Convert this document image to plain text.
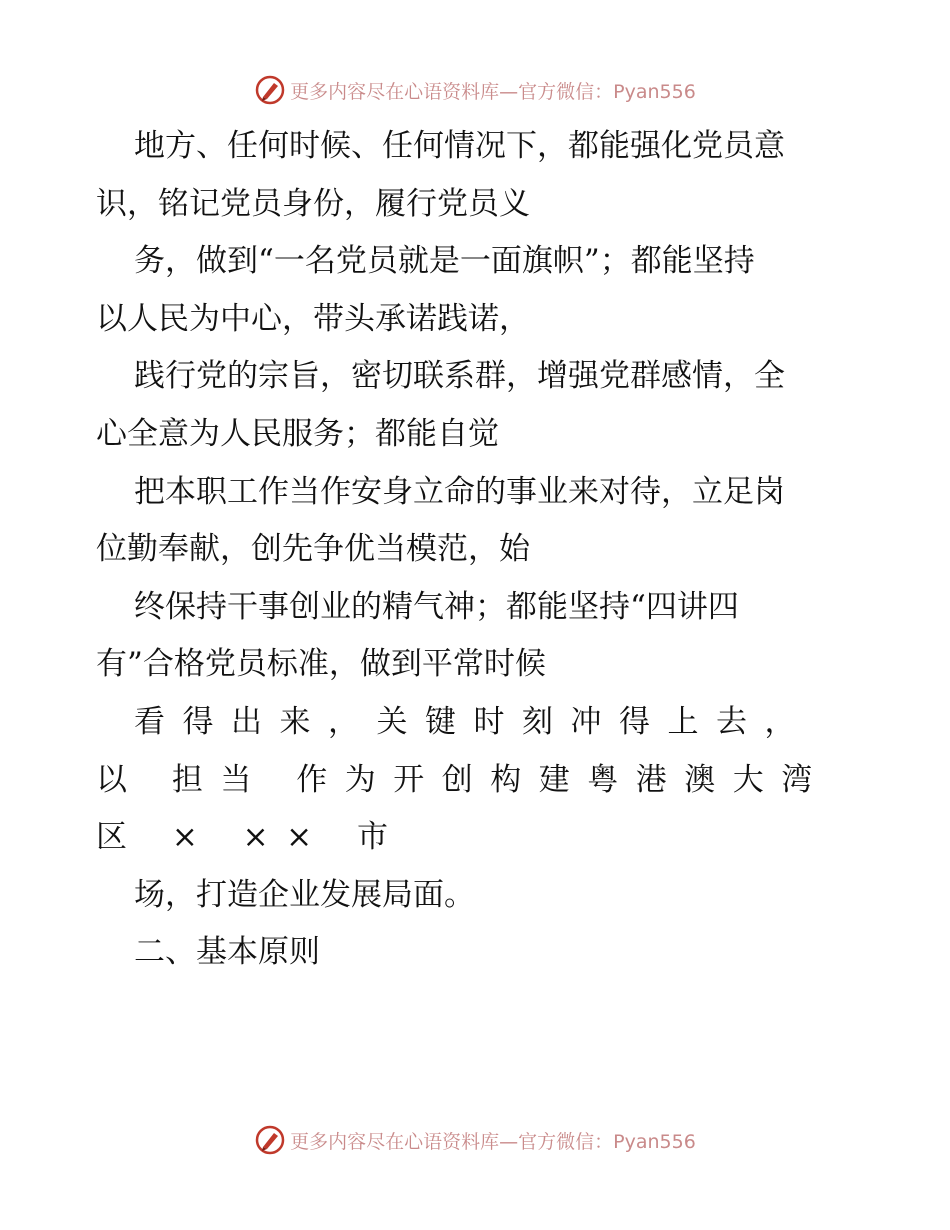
更多内容尽在心语资料库—官方微信：Pyan556

地方、任何时候、任何情况下，都能强化党员意

识，铭记党员身份，履行党员义

务，做到“一名党员就是一面旗帜”；都能坚持

以人民为中心，带头承诺践诺，

践行党的宗旨，密切联系群，增强党群感情，全

心全意为人民服务；都能自觉

把本职工作当作安身立命的事业来对待，立足岗

位勤奉献，创先争优当模范，始

终保持干事创业的精气神；都能坚持“四讲四

有”合格党员标准，做到平常时候

看得出来，关键时刻冲得上去，

以 担当 作为开创构建粤港澳大湾

区 × ×× 市

场，打造企业发展局面。

二、基本原则

更多内容尽在心语资料库—官方微信：Pyan556
